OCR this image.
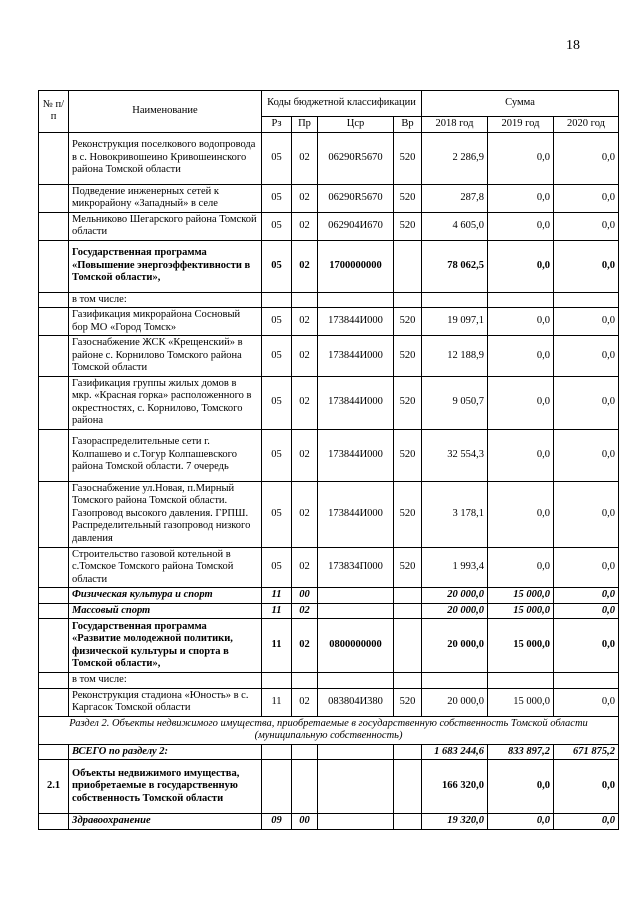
18
№ п/п	Наименование	Коды бюджетной классификации				Сумма		
		Рз	Пр	Цср	Вр	2018 год	2019 год	2020 год
	Реконструкция поселкового водопровода в с. Новокривошеино Кривошеинского района Томской области	05	02	06290R5670	520	2 286,9	0,0	0,0
	Подведение инженерных сетей к микрорайону «Западный» в селе	05	02	06290R5670	520	287,8	0,0	0,0
	Мельниково Шегарского района Томской области	05	02	062904И670	520	4 605,0	0,0	0,0
	Государственная программа «Повышение энергоэффективности в Томской области»,	05	02	1700000000		78 062,5	0,0	0,0
	в том числе:							
	Газификация микрорайона Сосновый бор МО «Город Томск»	05	02	173844И000	520	19 097,1	0,0	0,0
	Газоснабжение ЖСК «Крещенский» в районе с. Корнилово Томского района Томской области	05	02	173844И000	520	12 188,9	0,0	0,0
	Газификация группы жилых домов в мкр. «Красная горка» расположенного в окрестностях, с. Корнилово, Томского района	05	02	173844И000	520	9 050,7	0,0	0,0
	Газораспределительные сети г. Колпашево и с.Тогур Колпашевского района Томской области. 7 очередь	05	02	173844И000	520	32 554,3	0,0	0,0
	Газоснабжение ул.Новая, п.Мирный Томского района Томской области. Газопровод высокого давления. ГРПШ. Распределительный газопровод низкого давления	05	02	173844И000	520	3 178,1	0,0	0,0
	Строительство газовой котельной в с.Томское Томского района Томской области	05	02	173834П000	520	1 993,4	0,0	0,0
	Физическая культура и спорт	11	00			20 000,0	15 000,0	0,0
	Массовый спорт	11	02			20 000,0	15 000,0	0,0
	Государственная программа «Развитие молодежной политики, физической культуры и спорта в Томской области»,	11	02	0800000000		20 000,0	15 000,0	0,0
	в том числе:							
	Реконструкция стадиона «Юность» в с. Каргасок Томской области	11	02	083804И380	520	20 000,0	15 000,0	0,0
Раздел 2. Объекты недвижимого имущества, приобретаемые в государственную собственность Томской области (муниципальную собственность)								
	ВСЕГО по разделу 2:					1 683 244,6	833 897,2	671 875,2
2.1	Объекты недвижимого имущества, приобретаемые в государственную собственность Томской области					166 320,0	0,0	0,0
	Здравоохранение	09	00			19 320,0	0,0	0,0
